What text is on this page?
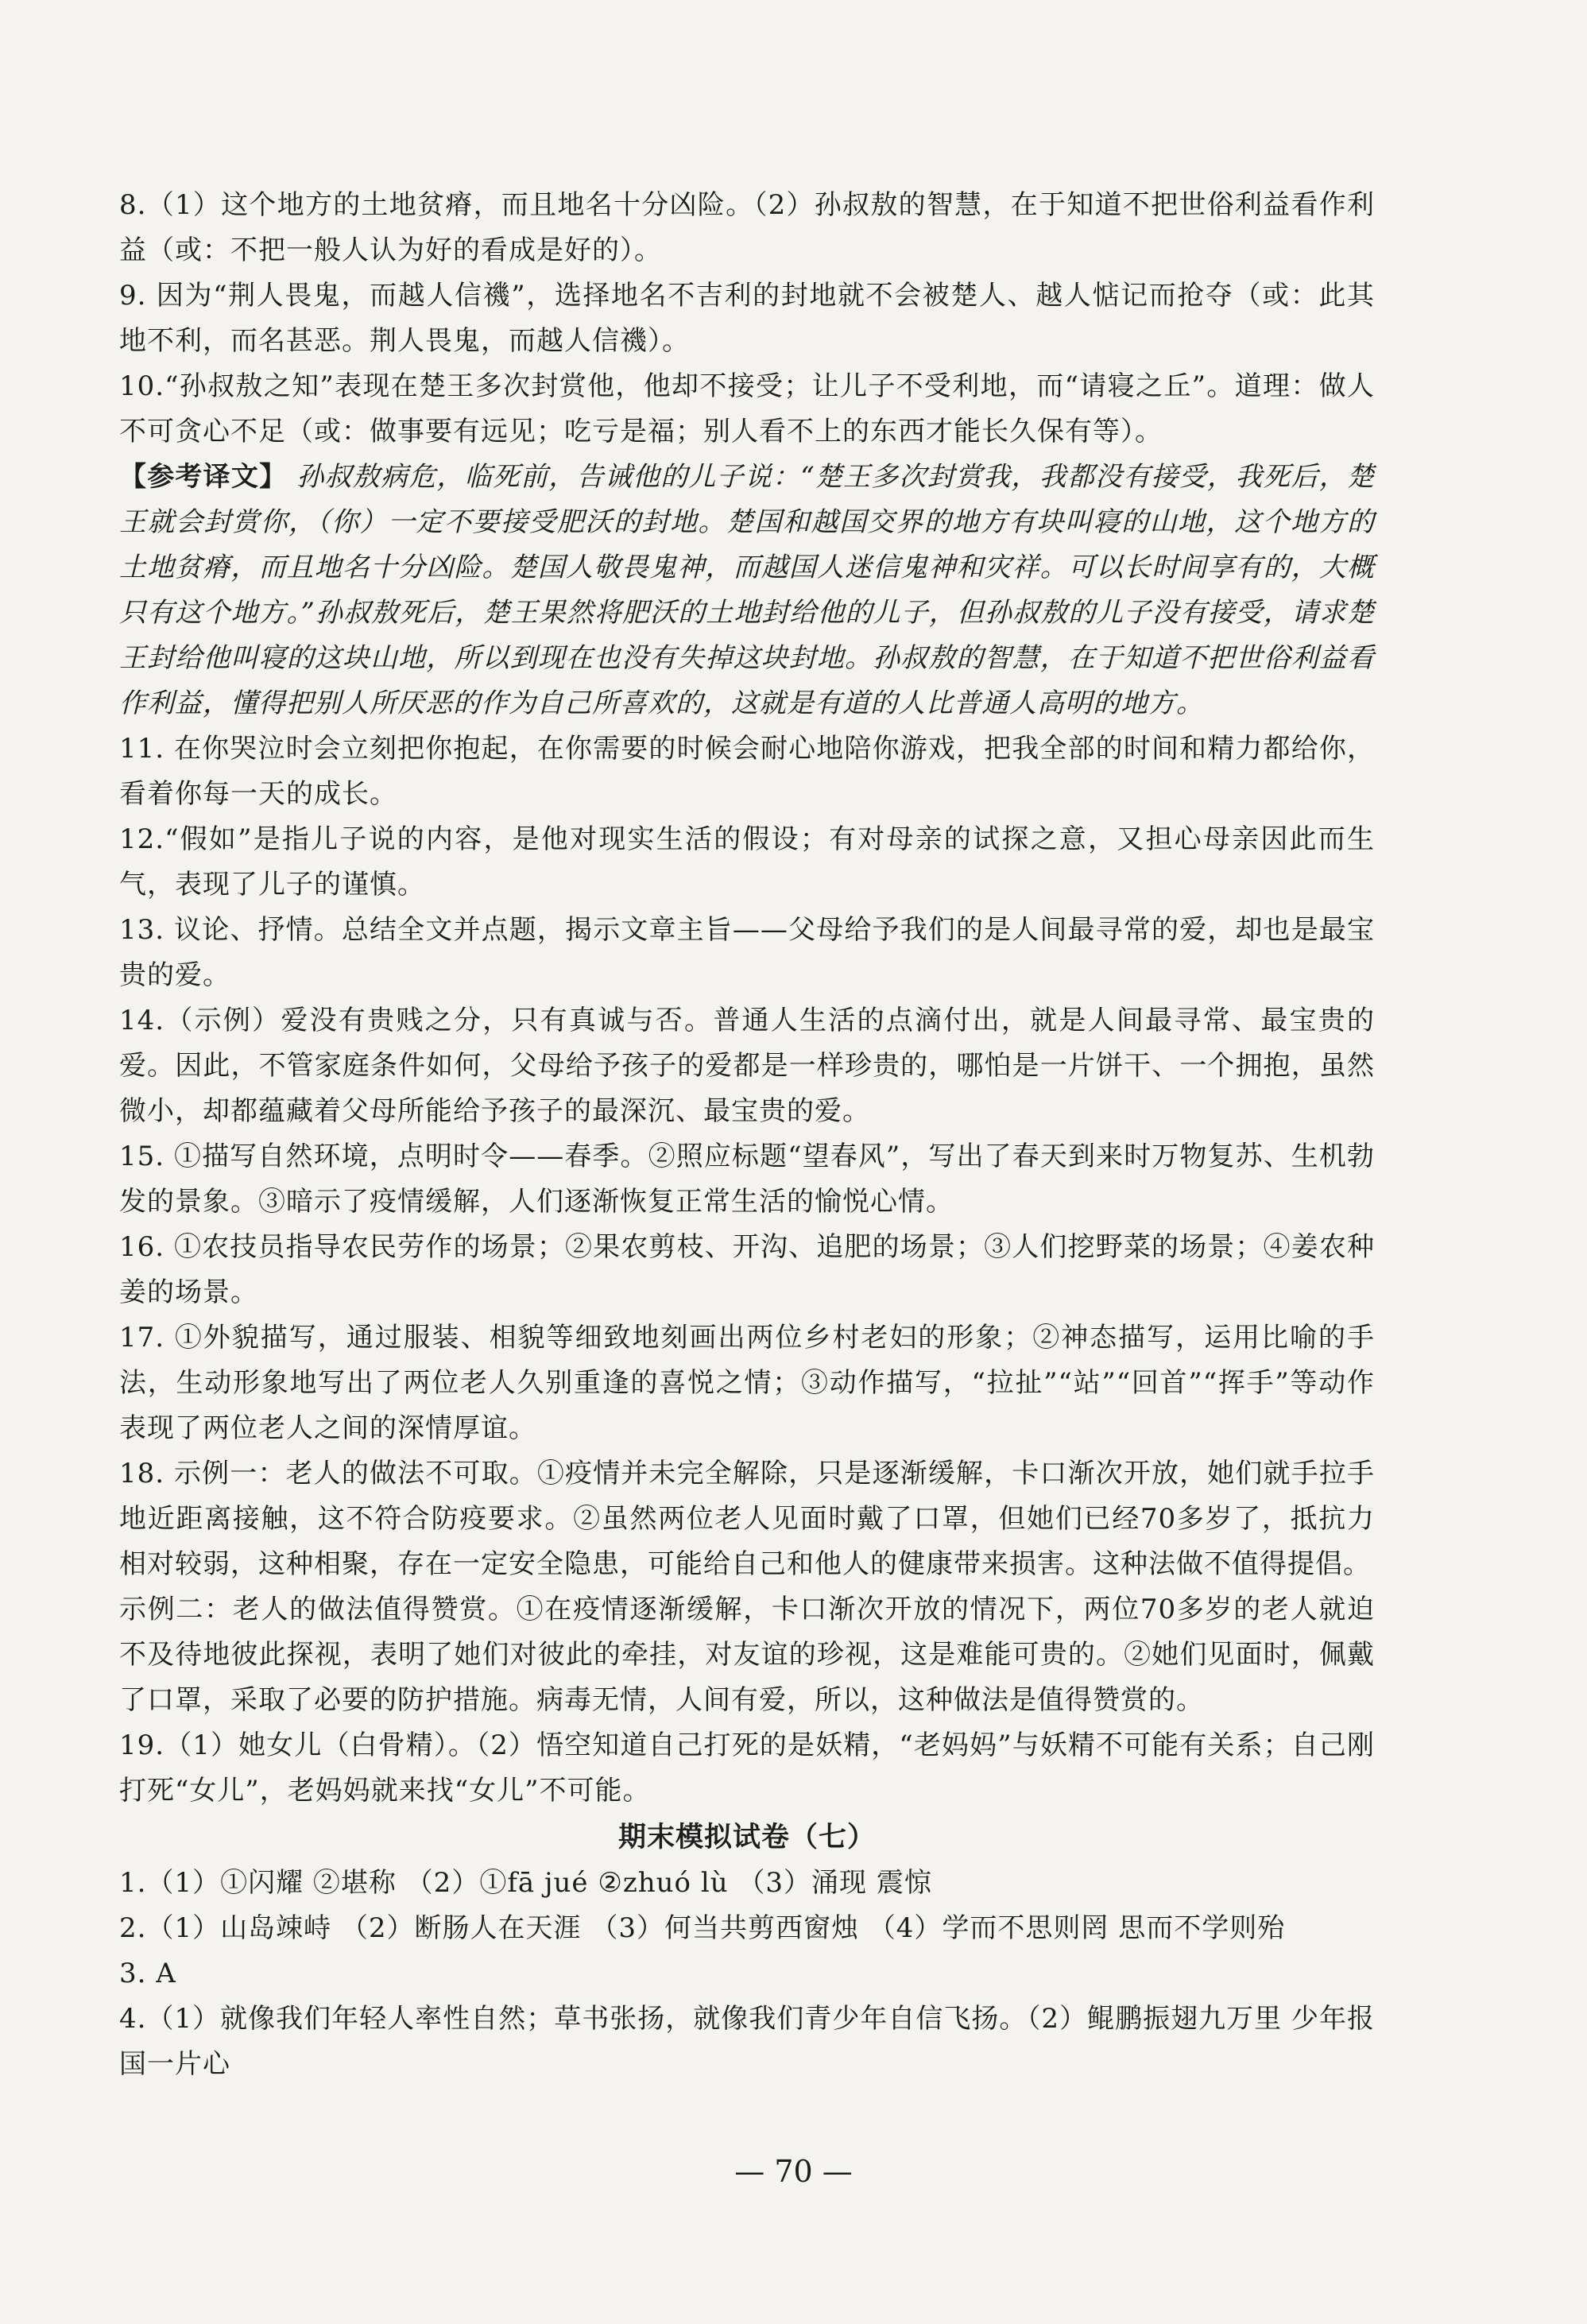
8.（1）这个地方的土地贫瘠，而且地名十分凶险。（2）孙叔敖的智慧，在于知道不把世俗利益看作利益（或：不把一般人认为好的看成是好的）。

9. 因为“荆人畏鬼，而越人信禨”，选择地名不吉利的封地就不会被楚人、越人惦记而抢夺（或：此其地不利，而名甚恶。荆人畏鬼，而越人信禨）。

10.“孙叔敖之知”表现在楚王多次封赏他，他却不接受；让儿子不受利地，而“请寝之丘”。道理：做人不可贪心不足（或：做事要有远见；吃亏是福；别人看不上的东西才能长久保有等）。

【参考译文】 孙叔敖病危，临死前，告诫他的儿子说：“楚王多次封赏我，我都没有接受，我死后，楚王就会封赏你，（你）一定不要接受肥沃的封地。楚国和越国交界的地方有块叫寝的山地，这个地方的土地贫瘠，而且地名十分凶险。楚国人敬畏鬼神，而越国人迷信鬼神和灾祥。可以长时间享有的，大概只有这个地方。”孙叔敖死后，楚王果然将肥沃的土地封给他的儿子，但孙叔敖的儿子没有接受，请求楚王封给他叫寝的这块山地，所以到现在也没有失掉这块封地。孙叔敖的智慧，在于知道不把世俗利益看作利益，懂得把别人所厌恶的作为自己所喜欢的，这就是有道的人比普通人高明的地方。

11. 在你哭泣时会立刻把你抱起，在你需要的时候会耐心地陪你游戏，把我全部的时间和精力都给你，看着你每一天的成长。

12.“假如”是指儿子说的内容，是他对现实生活的假设；有对母亲的试探之意，又担心母亲因此而生气，表现了儿子的谨慎。

13. 议论、抒情。总结全文并点题，揭示文章主旨——父母给予我们的是人间最寻常的爱，却也是最宝贵的爱。

14.（示例）爱没有贵贱之分，只有真诚与否。普通人生活的点滴付出，就是人间最寻常、最宝贵的爱。因此，不管家庭条件如何，父母给予孩子的爱都是一样珍贵的，哪怕是一片饼干、一个拥抱，虽然微小，却都蕴藏着父母所能给予孩子的最深沉、最宝贵的爱。

15. ①描写自然环境，点明时令——春季。②照应标题“望春风”，写出了春天到来时万物复苏、生机勃发的景象。③暗示了疫情缓解，人们逐渐恢复正常生活的愉悦心情。

16. ①农技员指导农民劳作的场景；②果农剪枝、开沟、追肥的场景；③人们挖野菜的场景；④姜农种姜的场景。

17. ①外貌描写，通过服装、相貌等细致地刻画出两位乡村老妇的形象；②神态描写，运用比喻的手法，生动形象地写出了两位老人久别重逢的喜悦之情；③动作描写，“拉扯”“站”“回首”“挥手”等动作表现了两位老人之间的深情厚谊。

18. 示例一：老人的做法不可取。①疫情并未完全解除，只是逐渐缓解，卡口渐次开放，她们就手拉手地近距离接触，这不符合防疫要求。②虽然两位老人见面时戴了口罩，但她们已经70多岁了，抵抗力相对较弱，这种相聚，存在一定安全隐患，可能给自己和他人的健康带来损害。这种法做不值得提倡。

示例二：老人的做法值得赞赏。①在疫情逐渐缓解，卡口渐次开放的情况下，两位70多岁的老人就迫不及待地彼此探视，表明了她们对彼此的牵挂，对友谊的珍视，这是难能可贵的。②她们见面时，佩戴了口罩，采取了必要的防护措施。病毒无情，人间有爱，所以，这种做法是值得赞赏的。

19.（1）她女儿（白骨精）。（2）悟空知道自己打死的是妖精，“老妈妈”与妖精不可能有关系；自己刚打死“女儿”，老妈妈就来找“女儿”不可能。

期末模拟试卷（七）

1.（1）①闪耀 ②堪称 （2）①fā jué ②zhuó lù （3）涌现 震惊

2.（1）山岛竦峙 （2）断肠人在天涯 （3）何当共剪西窗烛 （4）学而不思则罔 思而不学则殆

3. A

4.（1）就像我们年轻人率性自然；草书张扬，就像我们青少年自信飞扬。（2）鲲鹏振翅九万里 少年报国一片心

— 70 —
